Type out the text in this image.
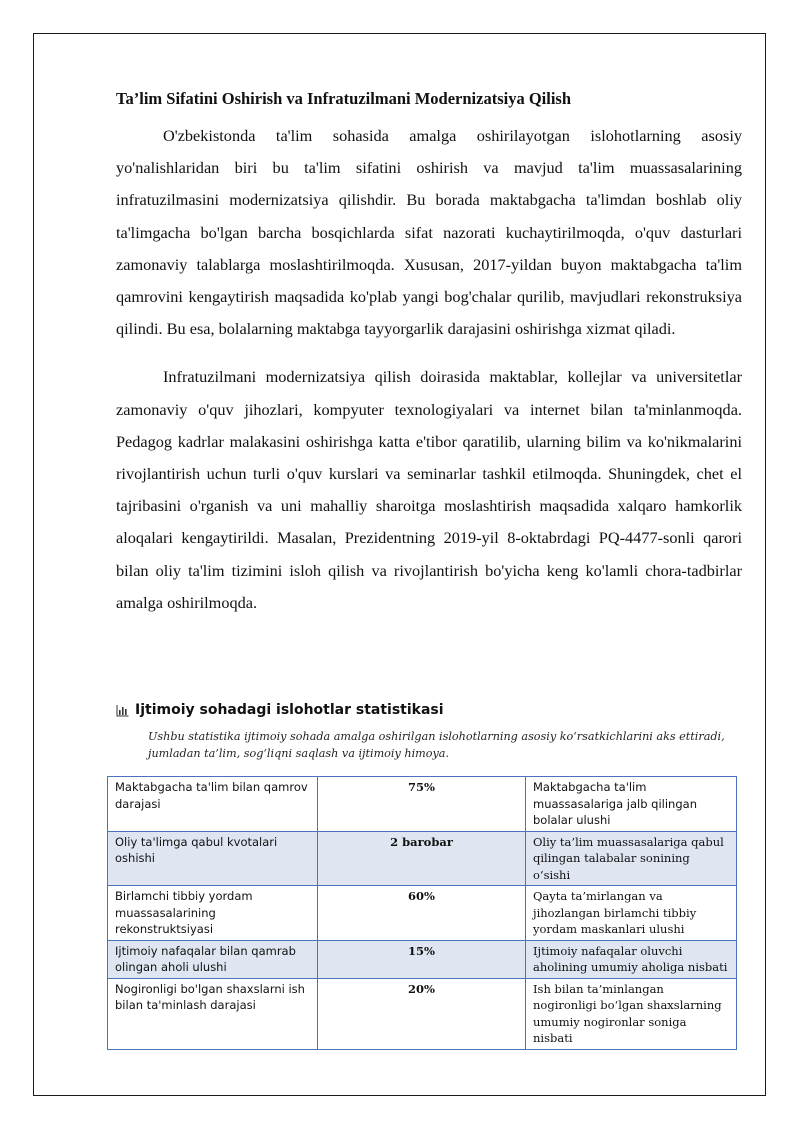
Ta’lim Sifatini Oshirish va Infratuzilmani Modernizatsiya Qilish

O'zbekistonda ta'lim sohasida amalga oshirilayotgan islohotlarning asosiy yo'nalishlaridan biri bu ta'lim sifatini oshirish va mavjud ta'lim muassasalarining infratuzilmasini modernizatsiya qilishdir. Bu borada maktabgacha ta'limdan boshlab oliy ta'limgacha bo'lgan barcha bosqichlarda sifat nazorati kuchaytirilmoqda, o'quv dasturlari zamonaviy talablarga moslashtirilmoqda. Xususan, 2017-yildan buyon maktabgacha ta'lim qamrovini kengaytirish maqsadida ko'plab yangi bog'chalar qurilib, mavjudlari rekonstruksiya qilindi. Bu esa, bolalarning maktabga tayyorgarlik darajasini oshirishga xizmat qiladi.

Infratuzilmani modernizatsiya qilish doirasida maktablar, kollejlar va universitetlar zamonaviy o'quv jihozlari, kompyuter texnologiyalari va internet bilan ta'minlanmoqda. Pedagog kadrlar malakasini oshirishga katta e'tibor qaratilib, ularning bilim va ko'nikmalarini rivojlantirish uchun turli o'quv kurslari va seminarlar tashkil etilmoqda. Shuningdek, chet el tajribasini o'rganish va uni mahalliy sharoitga moslashtirish maqsadida xalqaro hamkorlik aloqalari kengaytirildi. Masalan, Prezidentning 2019-yil 8-oktabrdagi PQ-4477-sonli qarori bilan oliy ta'lim tizimini isloh qilish va rivojlantirish bo'yicha keng ko'lamli chora-tadbirlar amalga oshirilmoqda.

Ijtimoiy sohadagi islohotlar statistikasi

Ushbu statistika ijtimoiy sohada amalga oshirilgan islohotlarning asosiy ko‘rsatkichlarini aks ettiradi, jumladan ta’lim, sog‘liqni saqlash va ijtimoiy himoya.

Maktabgacha ta'lim bilan qamrov darajasi	75%	Maktabgacha ta'lim muassasalariga jalb qilingan bolalar ulushi
Oliy ta'limga qabul kvotalari oshishi	2 barobar	Oliy ta’lim muassasalariga qabul qilingan talabalar sonining o‘sishi
Birlamchi tibbiy yordam muassasalarining rekonstruktsiyasi	60%	Qayta ta’mirlangan va jihozlangan birlamchi tibbiy yordam maskanlari ulushi
Ijtimoiy nafaqalar bilan qamrab olingan aholi ulushi	15%	Ijtimoiy nafaqalar oluvchi aholining umumiy aholiga nisbati
Nogironligi bo'lgan shaxslarni ish bilan ta'minlash darajasi	20%	Ish bilan ta’minlangan nogironligi bo‘lgan shaxslarning umumiy nogironlar soniga nisbati
